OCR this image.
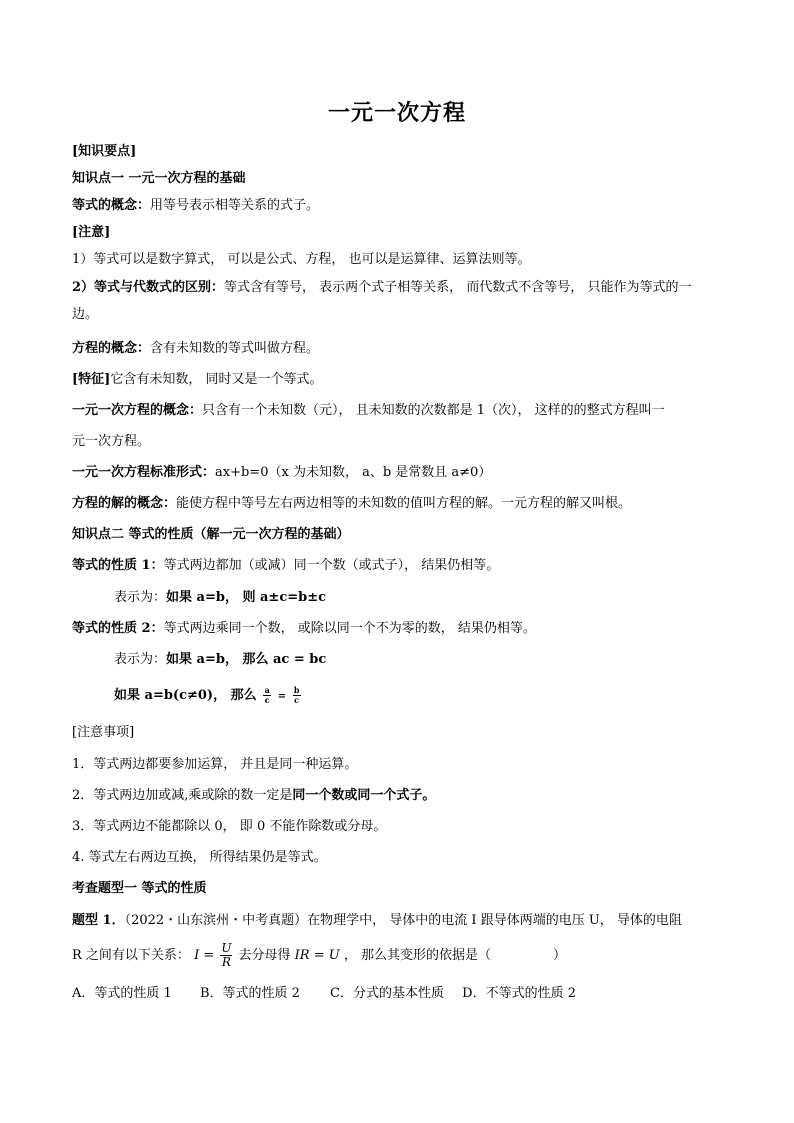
一元一次方程
[知识要点]
知识点一 一元一次方程的基础
等式的概念：用等号表示相等关系的式子。
[注意]
1）等式可以是数字算式， 可以是公式、方程， 也可以是运算律、运算法则等。
2）等式与代数式的区别：等式含有等号， 表示两个式子相等关系， 而代数式不含等号， 只能作为等式的一
边。
方程的概念：含有未知数的等式叫做方程。
[特征]它含有未知数， 同时又是一个等式。
一元一次方程的概念：只含有一个未知数（元）， 且未知数的次数都是 1（次）， 这样的的整式方程叫一
元一次方程。
一元一次方程标准形式：ax+b=0（x 为未知数， a、b 是常数且 a≠0）
方程的解的概念：能使方程中等号左右两边相等的未知数的值叫方程的解。一元方程的解又叫根。
知识点二 等式的性质（解一元一次方程的基础）
等式的性质 1：等式两边都加（或减）同一个数（或式子）， 结果仍相等。
表示为：如果 a=b， 则 a±c=b±c
等式的性质 2：等式两边乘同一个数， 或除以同一个不为零的数， 结果仍相等。
表示为：如果 a=b， 那么 ac = bc
如果 a=b(c≠0)， 那么 $\frac{a}{c} = \frac{b}{c}$
[注意事项]
1．等式两边都要参加运算， 并且是同一种运算。
2．等式两边加或减,乘或除的数一定是同一个数或同一个式子。
3．等式两边不能都除以 0， 即 0 不能作除数或分母。
4. 等式左右两边互换， 所得结果仍是等式。
考查题型一 等式的性质
题型 1．（2022・山东滨州・中考真题）在物理学中， 导体中的电流 I 跟导体两端的电压 U， 导体的电阻
R 之间有以下关系： $I = \frac{U}{R}$ 去分母得 IR = U ， 那么其变形的依据是（	）
A．等式的性质 1 B．等式的性质 2 C．分式的基本性质 D．不等式的性质 2
